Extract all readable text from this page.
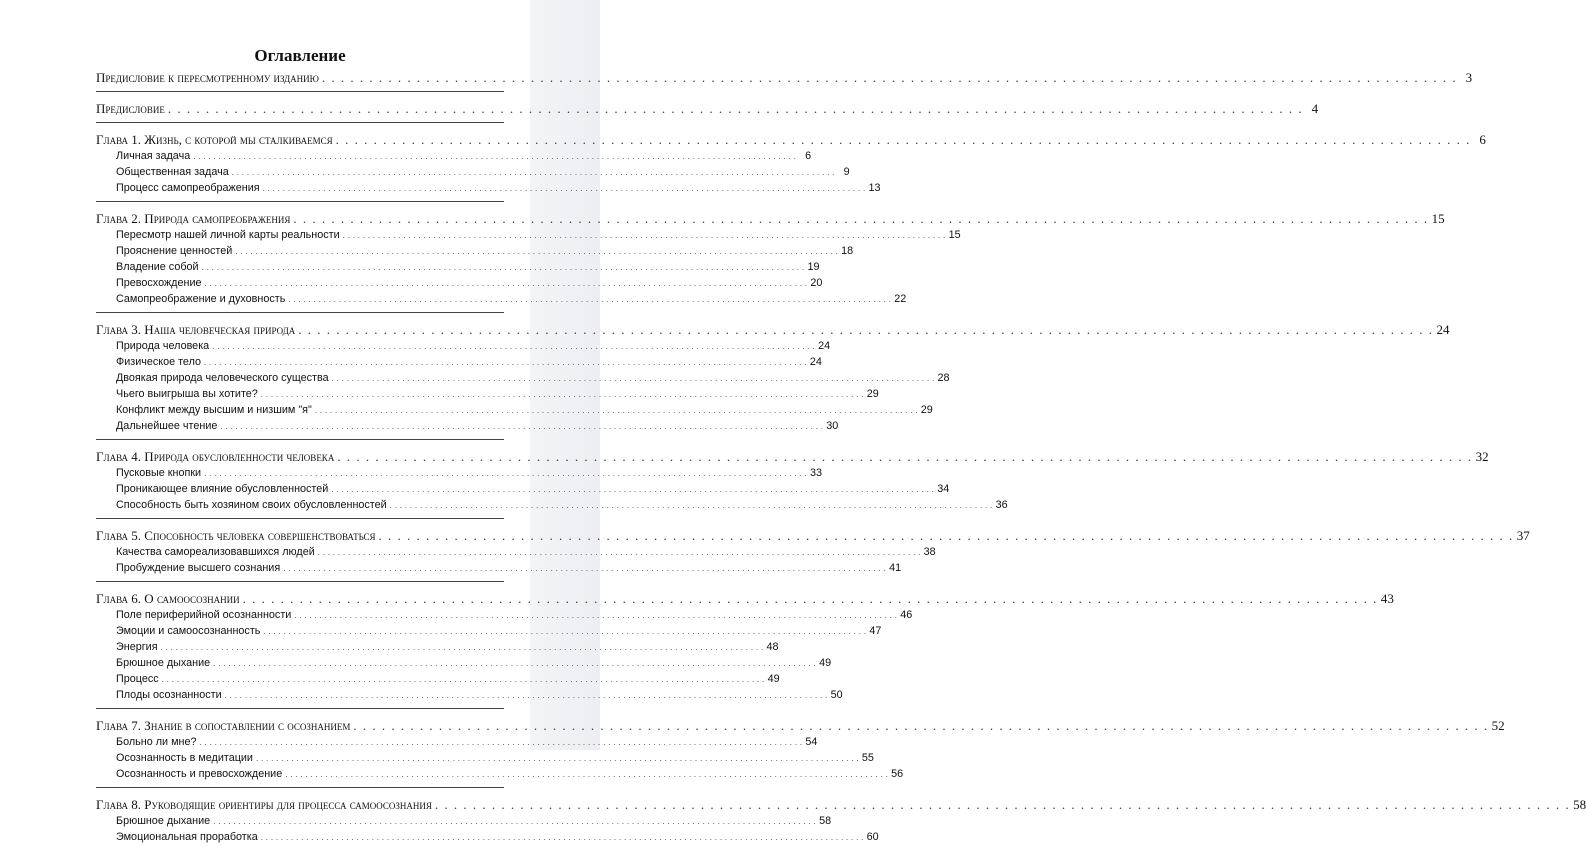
Оглавление
Предисловие к пересмотренному изданию . . . . . . . . . . . . . . . . . . . . . . . . . . . . . . . . . . . . . . . . . . . . . . . . . . . . . . . . . . . . . . . . . . . . . . . . . . . . . . . . . . . . . . . . . . . . . . . . . . . . . . . . . . . . . . . . . . . . . . . . 3
Предисловие . . . . . . . . . . . . . . . . . . . . . . . . . . . . . . . . . . . . . . . . . . . . . . . . . . . . . . . . . . . . . . . . . . . . . . . . . . . . . . . . . . . . . . . . . . . . . . . . . . . . . . . . . . . . . . . . . . . . . . . . 4
Глава 1. Жизнь, с которой мы сталкиваемся . . . . . . . . . . . . . . . . . . . . . . . . . . . . . . . . . . . . . . . . . . . . . . . . . . . . . . . . . . . . . . . . . . . . . . . . . . . . . . . . . . . . . . . . . . . . . . . . . . . . . . . . . . . . . . . . . . . . . . . . 6
Личная задача . . . . . . . . . . . . . . . . . . . . . . . . . . . . . . . . . . . . . . . . . . . . . . . . . . . . . . . . . . . . . . . . . . . . . . . . . . . . . . . . . . . . . . . . . . . . . . . . . . . . . . . . . . . . . . . . . . . . . . . . 6
Общественная задача . . . . . . . . . . . . . . . . . . . . . . . . . . . . . . . . . . . . . . . . . . . . . . . . . . . . . . . . . . . . . . . . . . . . . . . . . . . . . . . . . . . . . . . . . . . . . . . . . . . . . . . . . . . . . . . . . . . . . . . . 9
Процесс самопреображения . . . . . . . . . . . . . . . . . . . . . . . . . . . . . . . . . . . . . . . . . . . . . . . . . . . . . . . . . . . . . . . . . . . . . . . . . . . . . . . . . . . . . . . . . . . . . . . . . . . . . . . . . . . . . . . . . . . . . . . . 13
Глава 2. Природа самопреображения . . . . . . . . . . . . . . . . . . . . . . . . . . . . . . . . . . . . . . . . . . . . . . . . . . . . . . . . . . . . . . . . . . . . . . . . . . . . . . . . . . . . . . . . . . . . . . . . . . . . . . . . . . . . . . . . . . . . . . . . 15
Пересмотр нашей личной карты реальности . . . . . . . . . . . . . . . . . . . . . . . . . . . . . . . . . . . . . . . . . . . . . . . . . . . . . . . . . . . . . . . . . . . . . . . . . . . . . . . . . . . . . . . . . . . . . . . . . . . . . . . . . . . . . . . . . . . . . . . . 15
Прояснение ценностей . . . . . . . . . . . . . . . . . . . . . . . . . . . . . . . . . . . . . . . . . . . . . . . . . . . . . . . . . . . . . . . . . . . . . . . . . . . . . . . . . . . . . . . . . . . . . . . . . . . . . . . . . . . . . . . . . . . . . . . . 18
Владение собой . . . . . . . . . . . . . . . . . . . . . . . . . . . . . . . . . . . . . . . . . . . . . . . . . . . . . . . . . . . . . . . . . . . . . . . . . . . . . . . . . . . . . . . . . . . . . . . . . . . . . . . . . . . . . . . . . . . . . . . . 19
Превосхождение . . . . . . . . . . . . . . . . . . . . . . . . . . . . . . . . . . . . . . . . . . . . . . . . . . . . . . . . . . . . . . . . . . . . . . . . . . . . . . . . . . . . . . . . . . . . . . . . . . . . . . . . . . . . . . . . . . . . . . . . 20
Самопреображение и духовность . . . . . . . . . . . . . . . . . . . . . . . . . . . . . . . . . . . . . . . . . . . . . . . . . . . . . . . . . . . . . . . . . . . . . . . . . . . . . . . . . . . . . . . . . . . . . . . . . . . . . . . . . . . . . . . . . . . . . . . . 22
Глава 3. Наша человеческая природа . . . . . . . . . . . . . . . . . . . . . . . . . . . . . . . . . . . . . . . . . . . . . . . . . . . . . . . . . . . . . . . . . . . . . . . . . . . . . . . . . . . . . . . . . . . . . . . . . . . . . . . . . . . . . . . . . . . . . . . . 24
Природа человека . . . . . . . . . . . . . . . . . . . . . . . . . . . . . . . . . . . . . . . . . . . . . . . . . . . . . . . . . . . . . . . . . . . . . . . . . . . . . . . . . . . . . . . . . . . . . . . . . . . . . . . . . . . . . . . . . . . . . . . . 24
Физическое тело . . . . . . . . . . . . . . . . . . . . . . . . . . . . . . . . . . . . . . . . . . . . . . . . . . . . . . . . . . . . . . . . . . . . . . . . . . . . . . . . . . . . . . . . . . . . . . . . . . . . . . . . . . . . . . . . . . . . . . . . 24
Двоякая природа человеческого существа . . . . . . . . . . . . . . . . . . . . . . . . . . . . . . . . . . . . . . . . . . . . . . . . . . . . . . . . . . . . . . . . . . . . . . . . . . . . . . . . . . . . . . . . . . . . . . . . . . . . . . . . . . . . . . . . . . . . . . . . 28
Чьего выигрыша вы хотите? . . . . . . . . . . . . . . . . . . . . . . . . . . . . . . . . . . . . . . . . . . . . . . . . . . . . . . . . . . . . . . . . . . . . . . . . . . . . . . . . . . . . . . . . . . . . . . . . . . . . . . . . . . . . . . . . . . . . . . . . 29
Конфликт между высшим и низшим "я" . . . . . . . . . . . . . . . . . . . . . . . . . . . . . . . . . . . . . . . . . . . . . . . . . . . . . . . . . . . . . . . . . . . . . . . . . . . . . . . . . . . . . . . . . . . . . . . . . . . . . . . . . . . . . . . . . . . . . . . . 29
Дальнейшее чтение . . . . . . . . . . . . . . . . . . . . . . . . . . . . . . . . . . . . . . . . . . . . . . . . . . . . . . . . . . . . . . . . . . . . . . . . . . . . . . . . . . . . . . . . . . . . . . . . . . . . . . . . . . . . . . . . . . . . . . . . 30
Глава 4. Природа обусловленности человека . . . . . . . . . . . . . . . . . . . . . . . . . . . . . . . . . . . . . . . . . . . . . . . . . . . . . . . . . . . . . . . . . . . . . . . . . . . . . . . . . . . . . . . . . . . . . . . . . . . . . . . . . . . . . . . . . . . . . . . . 32
Пусковые кнопки . . . . . . . . . . . . . . . . . . . . . . . . . . . . . . . . . . . . . . . . . . . . . . . . . . . . . . . . . . . . . . . . . . . . . . . . . . . . . . . . . . . . . . . . . . . . . . . . . . . . . . . . . . . . . . . . . . . . . . . . 33
Проникающее влияние обусловленностей . . . . . . . . . . . . . . . . . . . . . . . . . . . . . . . . . . . . . . . . . . . . . . . . . . . . . . . . . . . . . . . . . . . . . . . . . . . . . . . . . . . . . . . . . . . . . . . . . . . . . . . . . . . . . . . . . . . . . . . . 34
Способность быть хозяином своих обусловленностей . . . . . . . . . . . . . . . . . . . . . . . . . . . . . . . . . . . . . . . . . . . . . . . . . . . . . . . . . . . . . . . . . . . . . . . . . . . . . . . . . . . . . . . . . . . . . . . . . . . . . . . . . . . . . . . . . . . . . . . . 36
Глава 5. Способность человека совершенствоваться . . . . . . . . . . . . . . . . . . . . . . . . . . . . . . . . . . . . . . . . . . . . . . . . . . . . . . . . . . . . . . . . . . . . . . . . . . . . . . . . . . . . . . . . . . . . . . . . . . . . . . . . . . . . . . . . . . . . . . . . 37
Качества самореализовавшихся людей . . . . . . . . . . . . . . . . . . . . . . . . . . . . . . . . . . . . . . . . . . . . . . . . . . . . . . . . . . . . . . . . . . . . . . . . . . . . . . . . . . . . . . . . . . . . . . . . . . . . . . . . . . . . . . . . . . . . . . . . 38
Пробуждение высшего сознания . . . . . . . . . . . . . . . . . . . . . . . . . . . . . . . . . . . . . . . . . . . . . . . . . . . . . . . . . . . . . . . . . . . . . . . . . . . . . . . . . . . . . . . . . . . . . . . . . . . . . . . . . . . . . . . . . . . . . . . . 41
Глава 6. О самоосознании . . . . . . . . . . . . . . . . . . . . . . . . . . . . . . . . . . . . . . . . . . . . . . . . . . . . . . . . . . . . . . . . . . . . . . . . . . . . . . . . . . . . . . . . . . . . . . . . . . . . . . . . . . . . . . . . . . . . . . . . 43
Поле периферийной осознанности . . . . . . . . . . . . . . . . . . . . . . . . . . . . . . . . . . . . . . . . . . . . . . . . . . . . . . . . . . . . . . . . . . . . . . . . . . . . . . . . . . . . . . . . . . . . . . . . . . . . . . . . . . . . . . . . . . . . . . . . 46
Эмоции и самоосознанность . . . . . . . . . . . . . . . . . . . . . . . . . . . . . . . . . . . . . . . . . . . . . . . . . . . . . . . . . . . . . . . . . . . . . . . . . . . . . . . . . . . . . . . . . . . . . . . . . . . . . . . . . . . . . . . . . . . . . . . . 47
Энергия . . . . . . . . . . . . . . . . . . . . . . . . . . . . . . . . . . . . . . . . . . . . . . . . . . . . . . . . . . . . . . . . . . . . . . . . . . . . . . . . . . . . . . . . . . . . . . . . . . . . . . . . . . . . . . . . . . . . . . . . 48
Брюшное дыхание . . . . . . . . . . . . . . . . . . . . . . . . . . . . . . . . . . . . . . . . . . . . . . . . . . . . . . . . . . . . . . . . . . . . . . . . . . . . . . . . . . . . . . . . . . . . . . . . . . . . . . . . . . . . . . . . . . . . . . . . 49
Процесс . . . . . . . . . . . . . . . . . . . . . . . . . . . . . . . . . . . . . . . . . . . . . . . . . . . . . . . . . . . . . . . . . . . . . . . . . . . . . . . . . . . . . . . . . . . . . . . . . . . . . . . . . . . . . . . . . . . . . . . . 49
Плоды осознанности . . . . . . . . . . . . . . . . . . . . . . . . . . . . . . . . . . . . . . . . . . . . . . . . . . . . . . . . . . . . . . . . . . . . . . . . . . . . . . . . . . . . . . . . . . . . . . . . . . . . . . . . . . . . . . . . . . . . . . . . 50
Глава 7. Знание в сопоставлении с осознанием . . . . . . . . . . . . . . . . . . . . . . . . . . . . . . . . . . . . . . . . . . . . . . . . . . . . . . . . . . . . . . . . . . . . . . . . . . . . . . . . . . . . . . . . . . . . . . . . . . . . . . . . . . . . . . . . . . . . . . . . 52
Больно ли мне? . . . . . . . . . . . . . . . . . . . . . . . . . . . . . . . . . . . . . . . . . . . . . . . . . . . . . . . . . . . . . . . . . . . . . . . . . . . . . . . . . . . . . . . . . . . . . . . . . . . . . . . . . . . . . . . . . . . . . . . . 54
Осознанность в медитации . . . . . . . . . . . . . . . . . . . . . . . . . . . . . . . . . . . . . . . . . . . . . . . . . . . . . . . . . . . . . . . . . . . . . . . . . . . . . . . . . . . . . . . . . . . . . . . . . . . . . . . . . . . . . . . . . . . . . . . . 55
Осознанность и превосхождение . . . . . . . . . . . . . . . . . . . . . . . . . . . . . . . . . . . . . . . . . . . . . . . . . . . . . . . . . . . . . . . . . . . . . . . . . . . . . . . . . . . . . . . . . . . . . . . . . . . . . . . . . . . . . . . . . . . . . . . . 56
Глава 8. Руководящие ориентиры для процесса самоосознания . . . . . . . . . . . . . . . . . . . . . . . . . . . . . . . . . . . . . . . . . . . . . . . . . . . . . . . . . . . . . . . . . . . . . . . . . . . . . . . . . . . . . . . . . . . . . . . . . . . . . . . . . . . . . . . . . . . . . . . . 58
Брюшное дыхание . . . . . . . . . . . . . . . . . . . . . . . . . . . . . . . . . . . . . . . . . . . . . . . . . . . . . . . . . . . . . . . . . . . . . . . . . . . . . . . . . . . . . . . . . . . . . . . . . . . . . . . . . . . . . . . . . . . . . . . . 58
Эмоциональная проработка . . . . . . . . . . . . . . . . . . . . . . . . . . . . . . . . . . . . . . . . . . . . . . . . . . . . . . . . . . . . . . . . . . . . . . . . . . . . . . . . . . . . . . . . . . . . . . . . . . . . . . . . . . . . . . . . . . . . . . . . 60
